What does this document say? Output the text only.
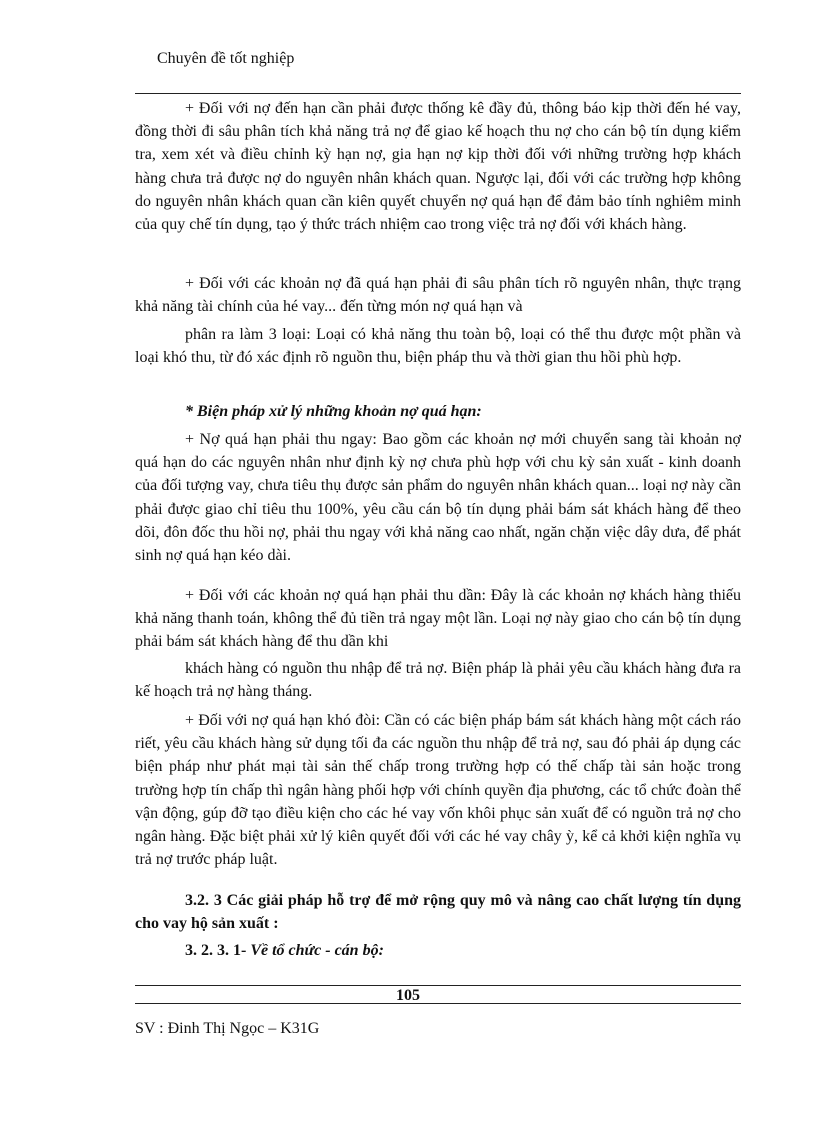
Chuyên đề tốt nghiệp

+ Đối với nợ đến hạn cần phải được thống kê đầy đủ, thông báo kịp thời đến hé vay, đồng thời đi sâu phân tích khả năng trả nợ để giao kế hoạch thu nợ cho cán bộ tín dụng kiểm tra, xem xét và điều chỉnh kỳ hạn nợ, gia hạn nợ kịp thời đối với những trường hợp khách hàng chưa trả được nợ do nguyên nhân khách quan. Ngược lại, đối với các trường hợp không do nguyên nhân khách quan cần kiên quyết chuyển nợ quá hạn để đảm bảo tính nghiêm minh của quy chế tín dụng, tạo ý thức trách nhiệm cao trong việc trả nợ đối với khách hàng.

+ Đối với các khoản nợ đã quá hạn phải đi sâu phân tích rõ nguyên nhân, thực trạng khả năng tài chính của hé vay... đến từng món nợ quá hạn và

phân ra làm 3 loại: Loại có khả năng thu toàn bộ, loại có thể thu được một phần và loại khó thu, từ đó xác định rõ nguồn thu, biện pháp thu và thời gian thu hồi phù hợp.

* Biện pháp xử lý những khoản nợ quá hạn:

+ Nợ quá hạn phải thu ngay: Bao gồm các khoản nợ mới chuyển sang tài khoản nợ quá hạn do các nguyên nhân như định kỳ nợ chưa phù hợp với chu kỳ sản xuất - kinh doanh của đối tượng vay, chưa tiêu thụ được sản phẩm do nguyên nhân khách quan... loại nợ này cần phải được giao chỉ tiêu thu 100%, yêu cầu cán bộ tín dụng phải bám sát khách hàng để theo dõi, đôn đốc thu hồi nợ, phải thu ngay với khả năng cao nhất, ngăn chặn việc dây dưa, để phát sinh nợ quá hạn kéo dài.

+ Đối với các khoản nợ quá hạn phải thu dần: Đây là các khoản nợ khách hàng thiếu khả năng thanh toán, không thể đủ tiền trả ngay một lần. Loại nợ này giao cho cán bộ tín dụng phải bám sát khách hàng để thu dần khi

khách hàng có nguồn thu nhập để trả nợ. Biện pháp là phải yêu cầu khách hàng đưa ra kế hoạch trả nợ hàng tháng.

+ Đối với nợ quá hạn khó đòi: Cần có các biện pháp bám sát khách hàng một cách ráo riết, yêu cầu khách hàng sử dụng tối đa các nguồn thu nhập để trả nợ, sau đó phải áp dụng các biện pháp như phát mại tài sản thế chấp trong trường hợp có thế chấp tài sản hoặc trong trường hợp tín chấp thì ngân hàng phối hợp với chính quyền địa phương, các tổ chức đoàn thể vận động, gúp đỡ tạo điều kiện cho các hé vay vốn khôi phục sản xuất để có nguồn trả nợ cho ngân hàng. Đặc biệt phải xử lý kiên quyết đối với các hé vay chây ỳ, kể cả khởi kiện nghĩa vụ trả nợ trước pháp luật.

3.2. 3 Các giải pháp hỗ trợ để mở rộng quy mô và nâng cao chất lượng tín dụng cho vay hộ sản xuất :

3. 2. 3. 1- Về tổ chức - cán bộ:

105
SV : Đinh Thị Ngọc – K31G
